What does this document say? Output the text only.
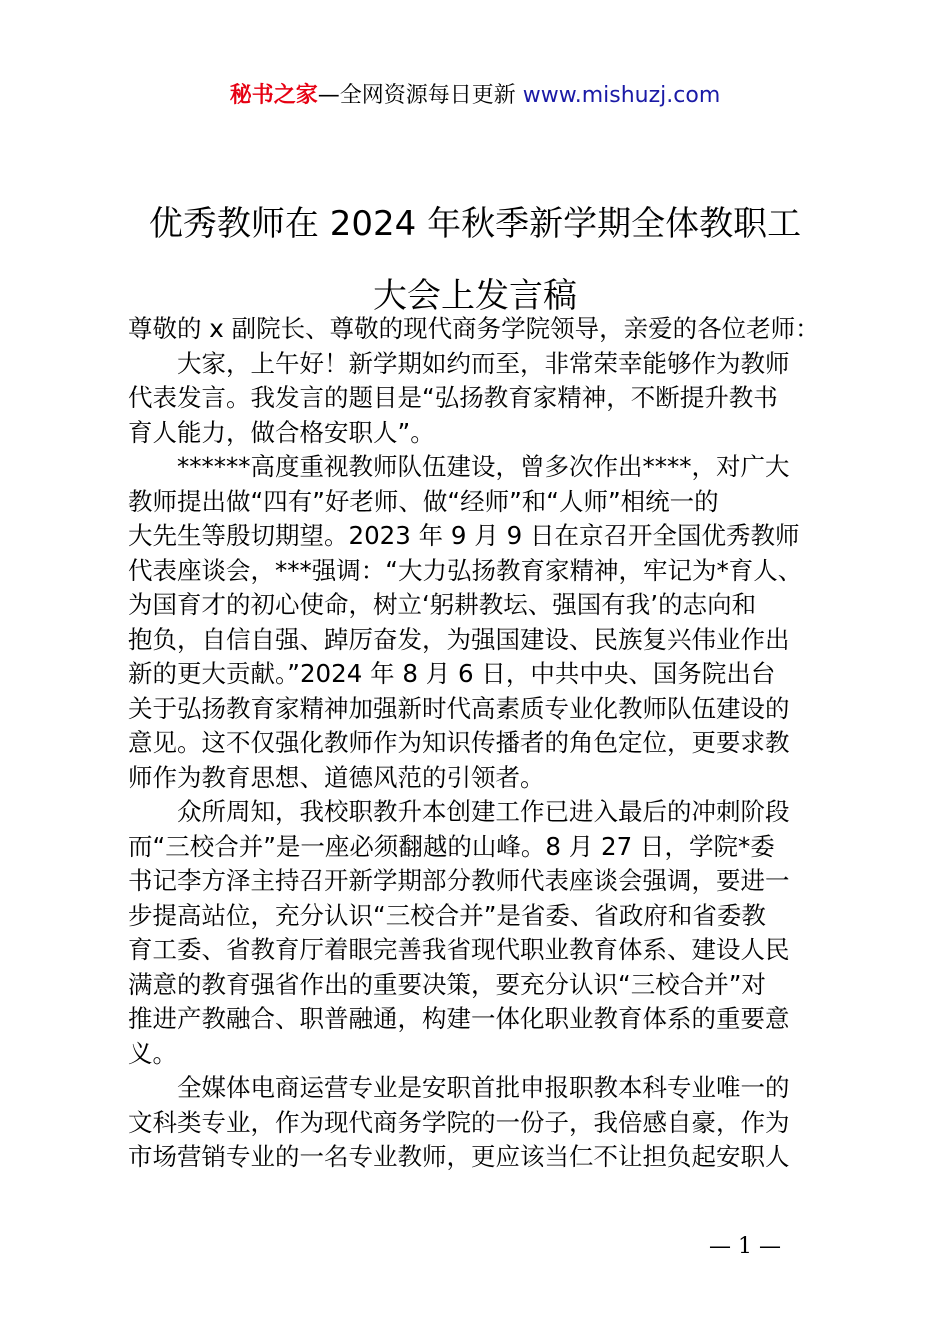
秘书之家—全网资源每日更新 www.mishuzj.com
优秀教师在 2024 年秋季新学期全体教职工
大会上发言稿

尊敬的 x 副院长、尊敬的现代商务学院领导，亲爱的各位老师：

大家，上午好！新学期如约而至，非常荣幸能够作为教师
代表发言。我发言的题目是“弘扬教育家精神，不断提升教书
育人能力，做合格安职人”。

******高度重视教师队伍建设，曾多次作出****，对广大
教师提出做“四有”好老师、做“经师”和“人师”相统一的
大先生等殷切期望。2023 年 9 月 9 日在京召开全国优秀教师
代表座谈会，***强调：“大力弘扬教育家精神，牢记为*育人、
为国育才的初心使命，树立‘躬耕教坛、强国有我’的志向和
抱负，自信自强、踔厉奋发，为强国建设、民族复兴伟业作出
新的更大贡献。”2024 年 8 月 6 日，中共中央、国务院出台
关于弘扬教育家精神加强新时代高素质专业化教师队伍建设的
意见。这不仅强化教师作为知识传播者的角色定位，更要求教
师作为教育思想、道德风范的引领者。

众所周知，我校职教升本创建工作已进入最后的冲刺阶段
而“三校合并”是一座必须翻越的山峰。8 月 27 日，学院*委
书记李方泽主持召开新学期部分教师代表座谈会强调，要进一
步提高站位，充分认识“三校合并”是省委、省政府和省委教
育工委、省教育厅着眼完善我省现代职业教育体系、建设人民
满意的教育强省作出的重要决策，要充分认识“三校合并”对
推进产教融合、职普融通，构建一体化职业教育体系的重要意
义。

全媒体电商运营专业是安职首批申报职教本科专业唯一的
文科类专业，作为现代商务学院的一份子，我倍感自豪，作为
市场营销专业的一名专业教师，更应该当仁不让担负起安职人

— 1 —
